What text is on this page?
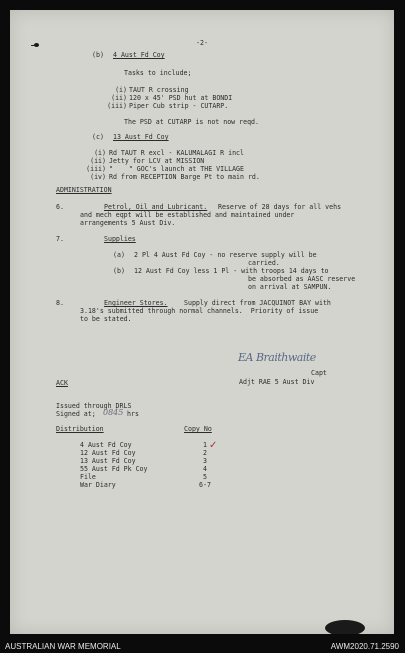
-2-
(b) 4 Aust Fd Coy
Tasks to include;
(i) TAUT R crossing
(ii) 120 x 45' PSD hut at BONDI
(iii) Piper Cub strip - CUTARP.
The PSD at CUTARP is not now reqd.
(c) 13 Aust Fd Coy
(i) Rd TAUT R excl - KALUMALAGI R incl
(ii) Jetty for LCV at MISSION
(iii) "    " GOC's launch at THE VILLAGE
(iv) Rd from RECEPTION Barge Pt to main rd.
ADMINISTRATION
6.	Petrol, Oil and Lubricant. Reserve of 28 days for all vehs
and mech eqpt will be established and maintained under
arrangements 5 Aust Div.
7.	Supplies
(a) 2 Pl 4 Aust Fd Coy - no reserve supply will be
carried.
(b) 12 Aust Fd Coy less 1 Pl - with troops 14 days to
be absorbed as AASC reserve
on arrival at SAMPUN.
8.	Engineer Stores. Supply direct from JACQUINOT BAY with
3.18's submitted through normal channels.  Priority of issue
to be stated.
EA Braithwaite
Capt
Adjt RAE 5 Aust Div
ACK
Issued through DRLS
Signed at; 0845 hrs
Distribution	Copy No
4 Aust Fd Coy	1
12 Aust Fd Coy	2
✓
13 Aust Fd Coy	3
55 Aust Fd Pk Coy	4
File	5
War Diary	6-7
AUSTRALIAN WAR MEMORIAL	AWM2020.71.2590
